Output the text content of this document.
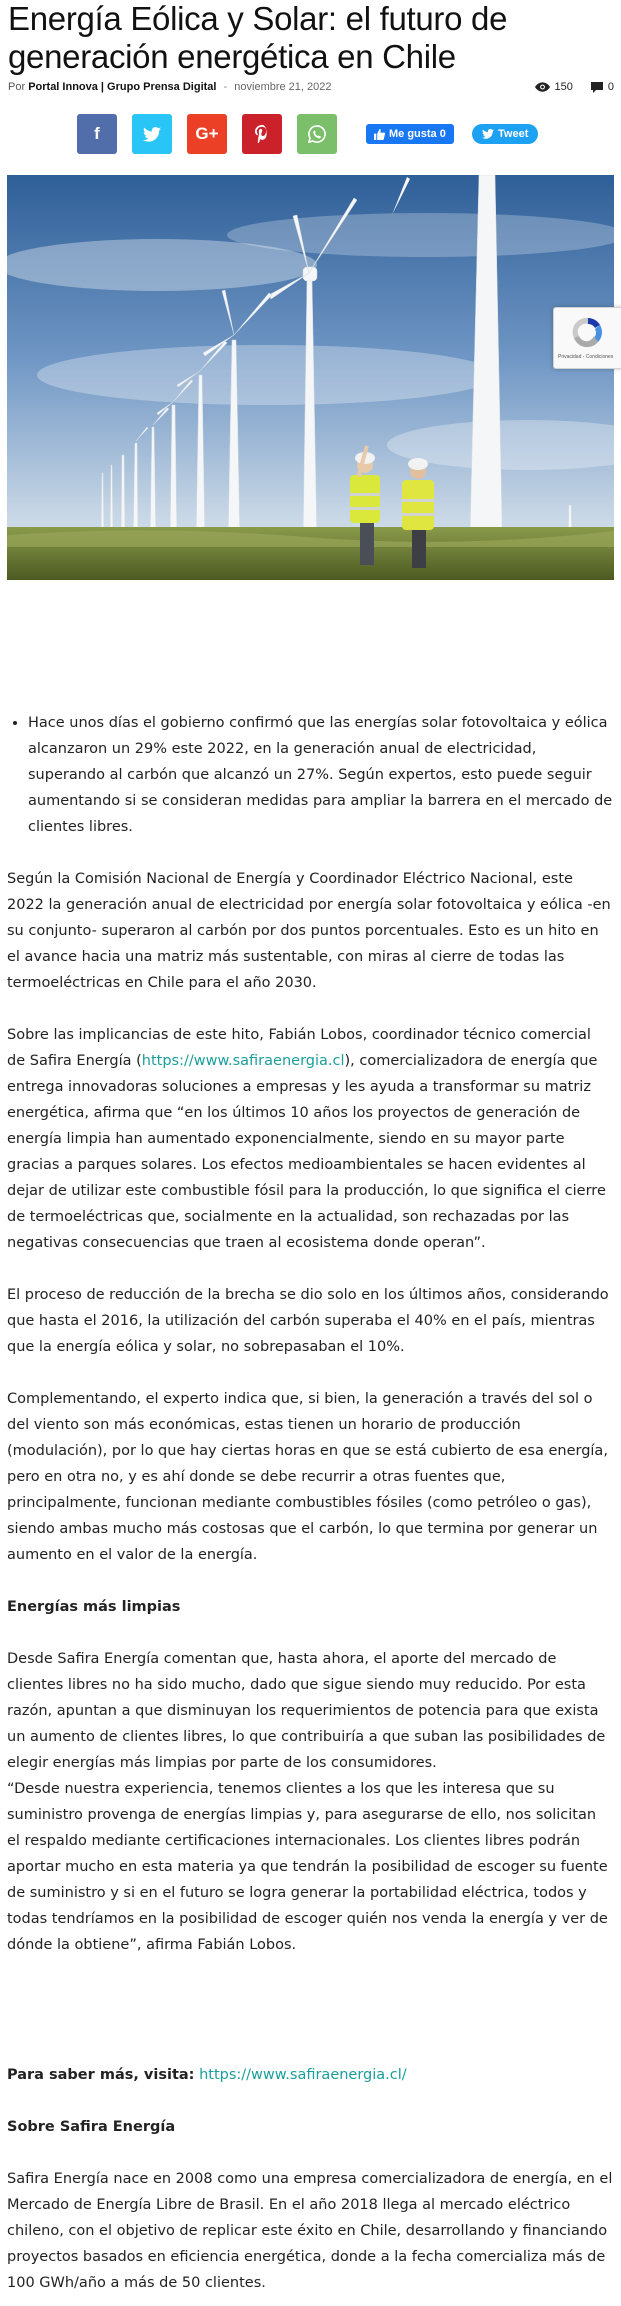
Energía Eólica y Solar: el futuro de generación energética en Chile
Por Portal Innova | Grupo Prensa Digital - noviembre 21, 2022	150	0
f	G+	Me gusta 0	Tweet
Privacidad - Condiciones
• Hace unos días el gobierno confirmó que las energías solar fotovoltaica y eólica alcanzaron un 29% este 2022, en la generación anual de electricidad, superando al carbón que alcanzó un 27%. Según expertos, esto puede seguir aumentando si se consideran medidas para ampliar la barrera en el mercado de clientes libres.

Según la Comisión Nacional de Energía y Coordinador Eléctrico Nacional, este 2022 la generación anual de electricidad por energía solar fotovoltaica y eólica -en su conjunto- superaron al carbón por dos puntos porcentuales. Esto es un hito en el avance hacia una matriz más sustentable, con miras al cierre de todas las termoeléctricas en Chile para el año 2030.

Sobre las implicancias de este hito, Fabián Lobos, coordinador técnico comercial de Safira Energía (https://www.safiraenergia.cl), comercializadora de energía que entrega innovadoras soluciones a empresas y les ayuda a transformar su matriz energética, afirma que “en los últimos 10 años los proyectos de generación de energía limpia han aumentado exponencialmente, siendo en su mayor parte gracias a parques solares. Los efectos medioambientales se hacen evidentes al dejar de utilizar este combustible fósil para la producción, lo que significa el cierre de termoeléctricas que, socialmente en la actualidad, son rechazadas por las negativas consecuencias que traen al ecosistema donde operan”.

El proceso de reducción de la brecha se dio solo en los últimos años, considerando que hasta el 2016, la utilización del carbón superaba el 40% en el país, mientras que la energía eólica y solar, no sobrepasaban el 10%.

Complementando, el experto indica que, si bien, la generación a través del sol o del viento son más económicas, estas tienen un horario de producción (modulación), por lo que hay ciertas horas en que se está cubierto de esa energía, pero en otra no, y es ahí donde se debe recurrir a otras fuentes que, principalmente, funcionan mediante combustibles fósiles (como petróleo o gas), siendo ambas mucho más costosas que el carbón, lo que termina por generar un aumento en el valor de la energía.

Energías más limpias

Desde Safira Energía comentan que, hasta ahora, el aporte del mercado de clientes libres no ha sido mucho, dado que sigue siendo muy reducido. Por esta razón, apuntan a que disminuyan los requerimientos de potencia para que exista un aumento de clientes libres, lo que contribuiría a que suban las posibilidades de elegir energías más limpias por parte de los consumidores.

“Desde nuestra experiencia, tenemos clientes a los que les interesa que su suministro provenga de energías limpias y, para asegurarse de ello, nos solicitan el respaldo mediante certificaciones internacionales. Los clientes libres podrán aportar mucho en esta materia ya que tendrán la posibilidad de escoger su fuente de suministro y si en el futuro se logra generar la portabilidad eléctrica, todos y todas tendríamos en la posibilidad de escoger quién nos venda la energía y ver de dónde la obtiene”, afirma Fabián Lobos.

Para saber más, visita: https://www.safiraenergia.cl/

Sobre Safira Energía

Safira Energía nace en 2008 como una empresa comercializadora de energía, en el Mercado de Energía Libre de Brasil. En el año 2018 llega al mercado eléctrico chileno, con el objetivo de replicar este éxito en Chile, desarrollando y financiando proyectos basados en eficiencia energética, donde a la fecha comercializa más de 100 GWh/año a más de 50 clientes.
